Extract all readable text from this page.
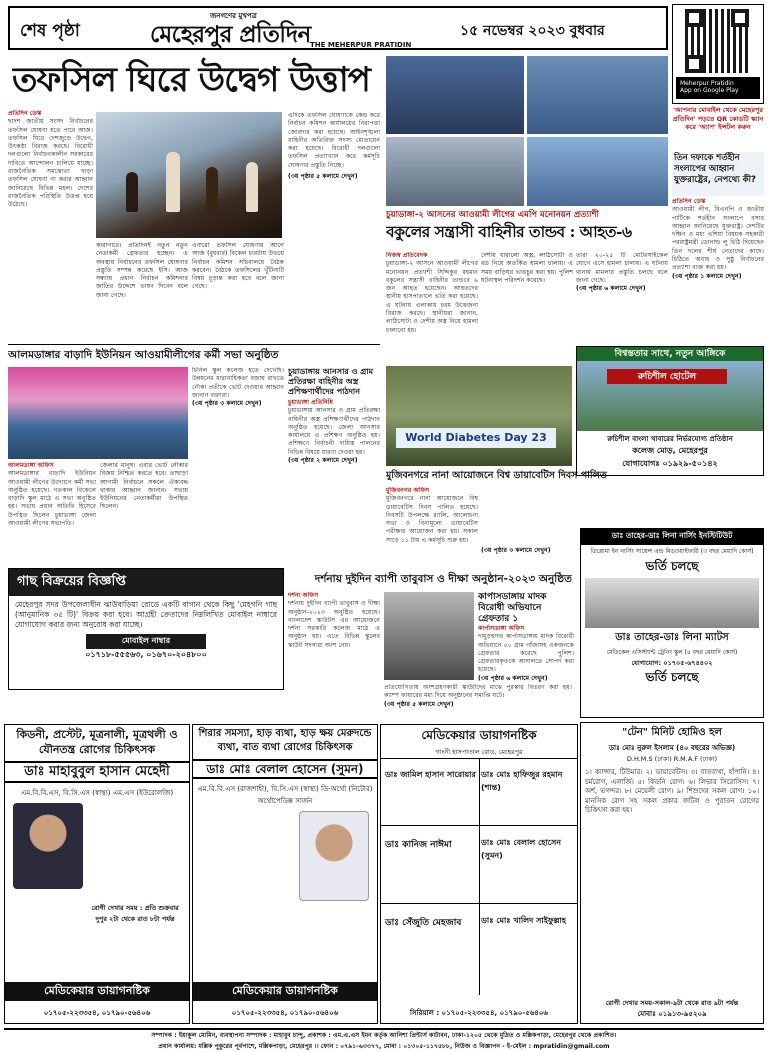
শেষ পৃষ্ঠা
জনগণের মুখপত্র
মেহেরপুর প্রতিদিন THE MEHERPUR PRATIDIN
১৫ নভেম্বর ২০২৩ বুধবার
Meherpur Pratidin
App on Google Play
'আপনার মোবাইল থেকে মেহেরপুর প্রতিদিন' পড়তে QR কোডটি স্ক্যান করে 'অ্যাপ' ইন্সটল করুন
তফসিল ঘিরে উদ্বেগ উত্তাপ
প্রতিদিন ডেস্ক
ছাদশ জাতীয় সংসদ নির্বাচনের তফসিল ঘোষণা হতে পারে আজ। তফসিল ঘিরে দেশজুড়ে উদ্বেগ, উৎকণ্ঠা বিরাজ করছে। বিরোধী দলগুলো নির্বাচনকালীন সরকারের দাবিতে আন্দোলন চালিয়ে যাচ্ছে। রাজনৈতিক সমঝোতা ছাড়া তফসিল ঘোষণা না করার আহ্বান জানিয়েছে বিভিন্ন মহল। দেশের রাজনৈতিক পরিস্থিতি উত্তপ্ত হয়ে উঠেছে।
কারাগারে। প্রতিদিনই নতুন নতুন নেতাকর্মী গ্রেফতার হচ্ছেন। এ অবস্থায় নির্বাচনের তফসিল ঘোষণার প্রস্তুতি সম্পন্ন করেছে ইসি। আজ সন্ধ্যায় প্রধান নির্বাচন কমিশনার জাতির উদ্দেশে ভাষণ দিবেন বলে জানা গেছে।
এবারো তফসিল ঘোষণার আগে আজ (বুধবার) বিকেল চারটায় উভয়ে নির্বাচন কমিশন সচিবালয়ে বৈঠক করবেন। বৈঠকে তফসিলের খুঁটিনাটি বিষয় চূড়ান্ত করা হবে বলে জানা গেছে।
এদিকে তফসিল ঘোষণাকে কেন্দ্র করে নির্বাচন কমিশন কার্যালয়ের নিরাপত্তা জোরদার করা হয়েছে। আইনশৃঙ্খলা বাহিনীর অতিরিক্ত সদস্য মোতায়েন করা হয়েছে। বিরোধী দলগুলো তফসিল প্রত্যাখ্যান করে কর্মসূচি ঘোষণার প্রস্তুতি নিচ্ছে।
(৩য় পৃষ্ঠার ৫ কলামে দেখুন)
চুয়াডাঙ্গা-২ আসনের আওয়ামী লীগের এমপি মনোনয়ন প্রত্যাশী
বকুলের সন্ত্রাসী বাহিনীর তান্ডব : আহত-৬
নিজস্ব প্রতিবেদক
চুয়াডাঙ্গা-২ আসনে আওয়ামী লীগের মনোনয়ন প্রত্যাশী সিদ্দিকুর রহমান বকুলের সন্ত্রাসী বাহিনীর তান্ডবে ৬ জন আহত হয়েছেন। আহতদের স্থানীয় হাসপাতালে ভর্তি করা হয়েছে। এ ঘটনায় এলাকায় চরম উত্তেজনা বিরাজ করছে। স্থানীয়রা জানান, লাঠিসোটা ও দেশীয় অস্ত্র নিয়ে হামলা চালানো হয়।
দেশীয় ধারালো অস্ত্র, লাঠিসোটা ও রড নিয়ে অতর্কিত হামলা চালায়। এ সময় বাড়িঘর ভাঙচুর করা হয়। পুলিশ ঘটনাস্থল পরিদর্শন করেছে।
তারা ২০-২৫ টি মোটরসাইকেল যোগে এসে হামলা চালায়। এ ঘটনায় থানায় মামলার প্রস্তুতি চলছে বলে জানা গেছে।
(৩য় পৃষ্ঠার ৬ কলামে দেখুন)
তিন দফাকে শর্তহীন সংলাপের আহ্বান যুক্তরাষ্ট্রের, নেপথ্যে কী?
প্রতিদিন ডেস্ক
আওয়ামী লীগ, বিএনপি ও জাতীয় পার্টিকে শর্তহীন সংলাপে বসার আহ্বান জানিয়েছে যুক্তরাষ্ট্র। দেশটির দক্ষিণ ও মধ্য এশিয়া বিষয়ক সহকারী পররাষ্ট্রমন্ত্রী ডোনাল্ড লু চিঠি দিয়েছেন তিন দলের শীর্ষ নেতাদের কাছে। চিঠিতে অবাধ ও সুষ্ঠু নির্বাচনের প্রত্যাশা ব্যক্ত করা হয়।
(৩য় পৃষ্ঠার ১ কলামে দেখুন)
আলমডাঙ্গার বাড়াদি ইউনিয়ন আওয়ামীলীগের কর্মী সভা অনুষ্ঠিত
আলমডাঙ্গা অফিস
আলমডাঙ্গার বাড়াদি ইউনিয়ন আওয়ামী লীগের উদ্যোগে কর্মী সভা অনুষ্ঠিত হয়েছে। গতকাল বিকেলে বাড়াদি স্কুল মাঠে এ সভা অনুষ্ঠিত হয়। সভায় প্রধান অতিথি হিসেবে উপস্থিত ছিলেন চুয়াডাঙ্গা জেলা আওয়ামী লীগের সভাপতি।
জেলার মানুষ। এবার ভোট নৌকার বিজয় নিশ্চিত করতে হবে। তাছাড়া আগামী নির্বাচনে সকলে ঐক্যবদ্ধ থাকার আহ্বান জানান। সভায় ইউনিয়নের নেতাকর্মীরা উপস্থিত ছিলেন।
চিনিল স্কুল কলেজ হতে দেখেছি। উন্নয়নের ধারাবাহিকতা বজায় রাখতে নৌকা প্রতীকে ভোট দেওয়ার আহ্বান জানান বক্তারা।
(৩য় পৃষ্ঠার ৩ কলামে দেখুন)
চুয়াডাঙ্গায় আনসার ও গ্রাম প্রতিরক্ষা বাহিনীর অস্ত্র প্রশিক্ষণার্থীদের পাঠদান
চুয়াডাঙ্গা প্রতিনিধি
চুয়াডাঙ্গায় আনসার ও গ্রাম প্রতিরক্ষা বাহিনীর অস্ত্র প্রশিক্ষণার্থীদের পাঠদান অনুষ্ঠিত হয়েছে। জেলা আনসার কার্যালয়ে এ প্রশিক্ষণ অনুষ্ঠিত হয়। প্রশিক্ষণে নির্বাচনী দায়িত্ব পালনের বিভিন্ন বিষয়ে ধারণা দেওয়া হয়।
(৩য় পৃষ্ঠার ২ কলামে দেখুন)
World Diabetes Day 23
মুজিবনগরে নানা আয়োজনে বিশ্ব ডায়াবেটিস দিবস পালিত
মুজিবনগর অফিস
মুজিবনগরে নানা আয়োজনে বিশ্ব ডায়াবেটিস দিবস পালিত হয়েছে। দিবসটি উপলক্ষে র‌্যালি, আলোচনা সভা ও বিনামূল্যে ডায়াবেটিস পরীক্ষার আয়োজন করা হয়। সকাল সাড়ে ১১ টায় এ কর্মসূচি শুরু হয়।
(৩য় পৃষ্ঠার ৩ কলামে দেখুন)
বিশ্বস্ততার সাথে, নতুন আঙ্গিকে
রুচিশীল হোটেল
রুচিশীল বাংলা খাবারের নির্ভরযোগ্য প্রতিষ্ঠান
কলেজ মোড়, মেহেরপুর
যোগাযোগঃ ০১৯২৯-৫০১৪২
ডাঃ তাহের-ডাঃ লিনা নার্সিং ইনস্টিটিউট
ডিপ্লোমা ইন নার্সিং সায়েন্স এন্ড মিডওয়াইফারী (৩ বছর মেয়াদি কোর্স)
ভর্তি চলছে
ডাঃ তাহের-ডাঃ লিনা ম্যাটস
মেডিকেল এসিস্ট্যান্ট ট্রেনিং স্কুল (৪ বছর মেয়াদি কোর্স)
যোগাযোগ: ০১৭০৫-৬৭৪৪০২
ভর্তি চলছে
গাছ বিক্রয়ের বিজ্ঞপ্তি
মেহেরপুর সদর উপজেলাধীন ঝাউবাড়িয়া রোডে একটি বাগান থেকে কিছু 'মেহগনি গাছ (আনুমানিক ৩৫ টি)' বিক্রয় করা হবে। আগ্রহী ক্রেতাদের নিম্নলিখিত মোবাইল নাম্বারে যোগাযোগ করার জন্য অনুরোধ করা যাচ্ছে।
মোবাইল নাম্বার
০১৭১৮-৫৫৫৬৩, ০১৬৭০-২০৪৮০০
দর্শনায় দুইদিন ব্যাপী তাবুবাস ও দীক্ষা অনুষ্ঠান-২০২৩ অনুষ্ঠিত
দর্শনা অফিস
দর্শনায় দুইদিন ব্যাপী তাবুবাস ও দীক্ষা অনুষ্ঠান-২০২৩ অনুষ্ঠিত হয়েছে। বাংলাদেশ স্কাউটস এর আয়োজনে দর্শনা সরকারি কলেজ মাঠে এ অনুষ্ঠান হয়। এতে বিভিন্ন স্কুলের স্কাউট সদস্যরা অংশ নেয়।
প্রতিযোগিতায় অংশগ্রহণকারী স্কাউটদের মাঝে পুরস্কার বিতরণ করা হয়। ক্যাম্প ফায়ারের মধ্য দিয়ে অনুষ্ঠানের সমাপ্তি ঘটে।
(৩য় পৃষ্ঠার ৫ কলামে দেখুন)
কার্পাসডাঙ্গায় মাদক বিরোধী অভিযানে গ্রেফতার ১
কার্পাসডাঙ্গা অফিস
দামুড়হুদার কার্পাসডাঙ্গায় মাদক বিরোধী অভিযানে ৫০ গ্রাম গাঁজাসহ একজনকে গ্রেফতার করেছে পুলিশ। গ্রেফতারকৃতকে আদালতে সোপর্দ করা হয়েছে।
(৩য় পৃষ্ঠার ৬ কলামে দেখুন)
"টেন" মিনিট হোমিও হল
ডাঃ মোঃ নুরুল ইসলাম (৪০ বছরের অভিজ্ঞ)
D.H.M.S (ঢাকা) R.M.A.F (ঢাকা)
১। ক্যান্সার, টিউমার। ২। ডায়াবেটিস। ৩। বাতব্যথা, হাঁপানি। ৪। চর্মরোগ, এলার্জি। ৫। কিডনি রোগ। ৬। লিভার সিরোসিস। ৭। অর্শ, ভগন্দর। ৮। মেয়েলী রোগ। ৯। শিশুদের সকল রোগ। ১০। মানসিক রোগ সহ সকল প্রকার জটিল ও পুরাতন রোগের চিকিৎসা করা হয়।
রোগী দেখার সময়-সকাল-৯টা থেকে রাত ৯টা পর্যন্ত
মোবাঃ ০১৯১৩-৯৫২০৯
কিডনী, প্রস্টেট, মূত্রনালী, মূত্রথলী ও যৌনতন্ত্র রোগের চিকিৎসক
ডাঃ মাহাবুবুল হাসান মেহেদী
এম.বি.বি.এস, বি.সি.এস (স্বাস্থ্য) এম.এস (ইউরোলজি)
রোগী দেখার সময় : প্রতি শুক্রবার দুপুর ২টা থেকে রাত ৮টা পর্যন্ত
মেডিকেয়ার ডায়াগনষ্টিক
০১৭০৫-২২৩৩৫৪, ০১৭৯০-৫৬৪০৬
শিরার সমস্যা, হাড় ব্যথা, হাড় ক্ষয় মেরুদন্ডে ব্যথা, বাত ব্যথা রোগের চিকিৎসক
ডাঃ মোঃ বেলাল হোসেন (সুমন)
এম.বি.বি.এস (রাজশাহী), বি.সি.এস (স্বাস্থ্য) ডি-অর্থো (নিটোর) অর্থোপেডিক্স সার্জন
মেডিকেয়ার ডায়াগনষ্টিক
০১৭০৫-২২৩৩৫৪, ০১৭৯০-৫৬৪০৬
মেডিকেয়ার ডায়াগনষ্টিক
গাংনী হাসপাতাল রোড, মেহেরপুর
ডাঃ জামিল হাসান সারোয়ার ডাঃ মোঃ হাফিজুর রহমান (শান্ত)
ডাঃ কানিজ নাঈমা	ডাঃ মোঃ বেলাল হোসেন (সুমন)
ডাঃ সেঁজুতি মেহজাব	ডাঃ মোঃ খালিদ সাইফুল্লাহ
সিরিয়াল : ০১৭০৫-২২৩৩৫৪, ০১৭৯০-৫৬৪০৬
সম্পাদক : ইয়াকুল মোমিন, ব্যবস্থাপনা সম্পাদক : মাহাবুব চান্দু, প্রকাশক : এম.এ.এস ইমন কর্তৃক আনিশা প্রিন্টার্স কাটাবন, ঢাকা-১২০৫ থেকে মুদ্রিত ও মল্লিকপাড়া, মেহেরপুর থেকে প্রকাশিত।
প্রধান কার্যালয়: মল্লিক পুকুরের পূর্বপাশে, মল্লিকপাড়া, মেহেরপুর ।। ফোন : ০৭৯১-৬৩৩৭৭, মোবা : ০১৩০৫-১১৭৫৮৮, নিউজ ও বিজ্ঞাপন - ই-মেইল : mpratidin@gmail.com
